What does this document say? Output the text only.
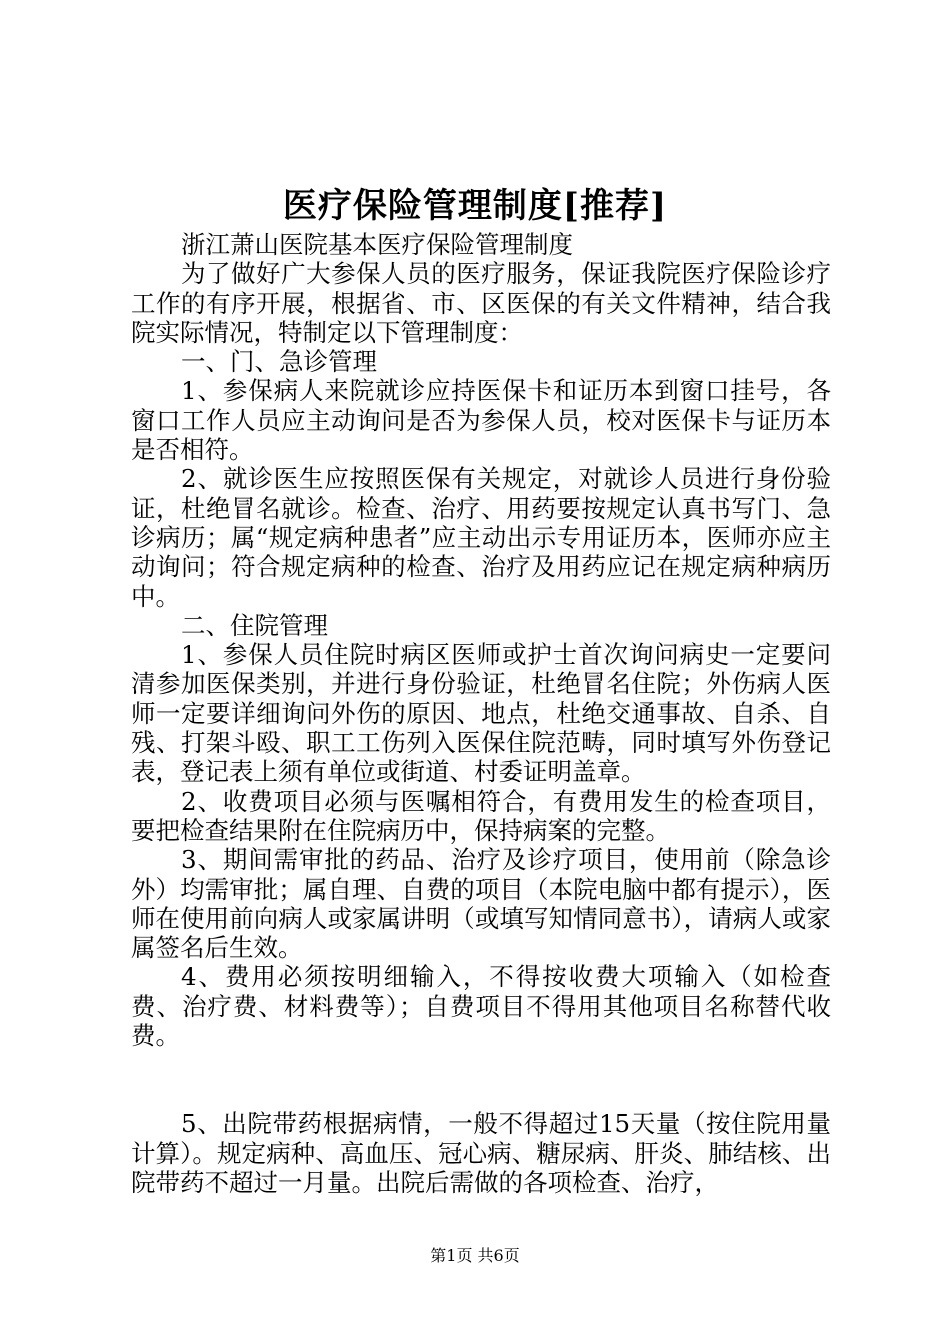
医疗保险管理制度[推荐]

浙江萧山医院基本医疗保险管理制度

为了做好广大参保人员的医疗服务，保证我院医疗保险诊疗工作的有序开展，根据省、市、区医保的有关文件精神，结合我院实际情况，特制定以下管理制度：

一、门、急诊管理

1、参保病人来院就诊应持医保卡和证历本到窗口挂号，各窗口工作人员应主动询问是否为参保人员，校对医保卡与证历本是否相符。

2、就诊医生应按照医保有关规定，对就诊人员进行身份验证，杜绝冒名就诊。检查、治疗、用药要按规定认真书写门、急诊病历；属“规定病种患者”应主动出示专用证历本，医师亦应主动询问；符合规定病种的检查、治疗及用药应记在规定病种病历中。

二、住院管理

1、参保人员住院时病区医师或护士首次询问病史一定要问清参加医保类别，并进行身份验证，杜绝冒名住院；外伤病人医师一定要详细询问外伤的原因、地点，杜绝交通事故、自杀、自残、打架斗殴、职工工伤列入医保住院范畴，同时填写外伤登记表，登记表上须有单位或街道、村委证明盖章。

2、收费项目必须与医嘱相符合，有费用发生的检查项目，要把检查结果附在住院病历中，保持病案的完整。

3、期间需审批的药品、治疗及诊疗项目，使用前（除急诊外）均需审批；属自理、自费的项目（本院电脑中都有提示），医师在使用前向病人或家属讲明（或填写知情同意书），请病人或家属签名后生效。

4、费用必须按明细输入，不得按收费大项输入（如检查费、治疗费、材料费等）；自费项目不得用其他项目名称替代收费。

5、出院带药根据病情，一般不得超过15天量（按住院用量计算）。规定病种、高血压、冠心病、糖尿病、肝炎、肺结核、出院带药不超过一月量。出院后需做的各项检查、治疗，

第1页 共6页
